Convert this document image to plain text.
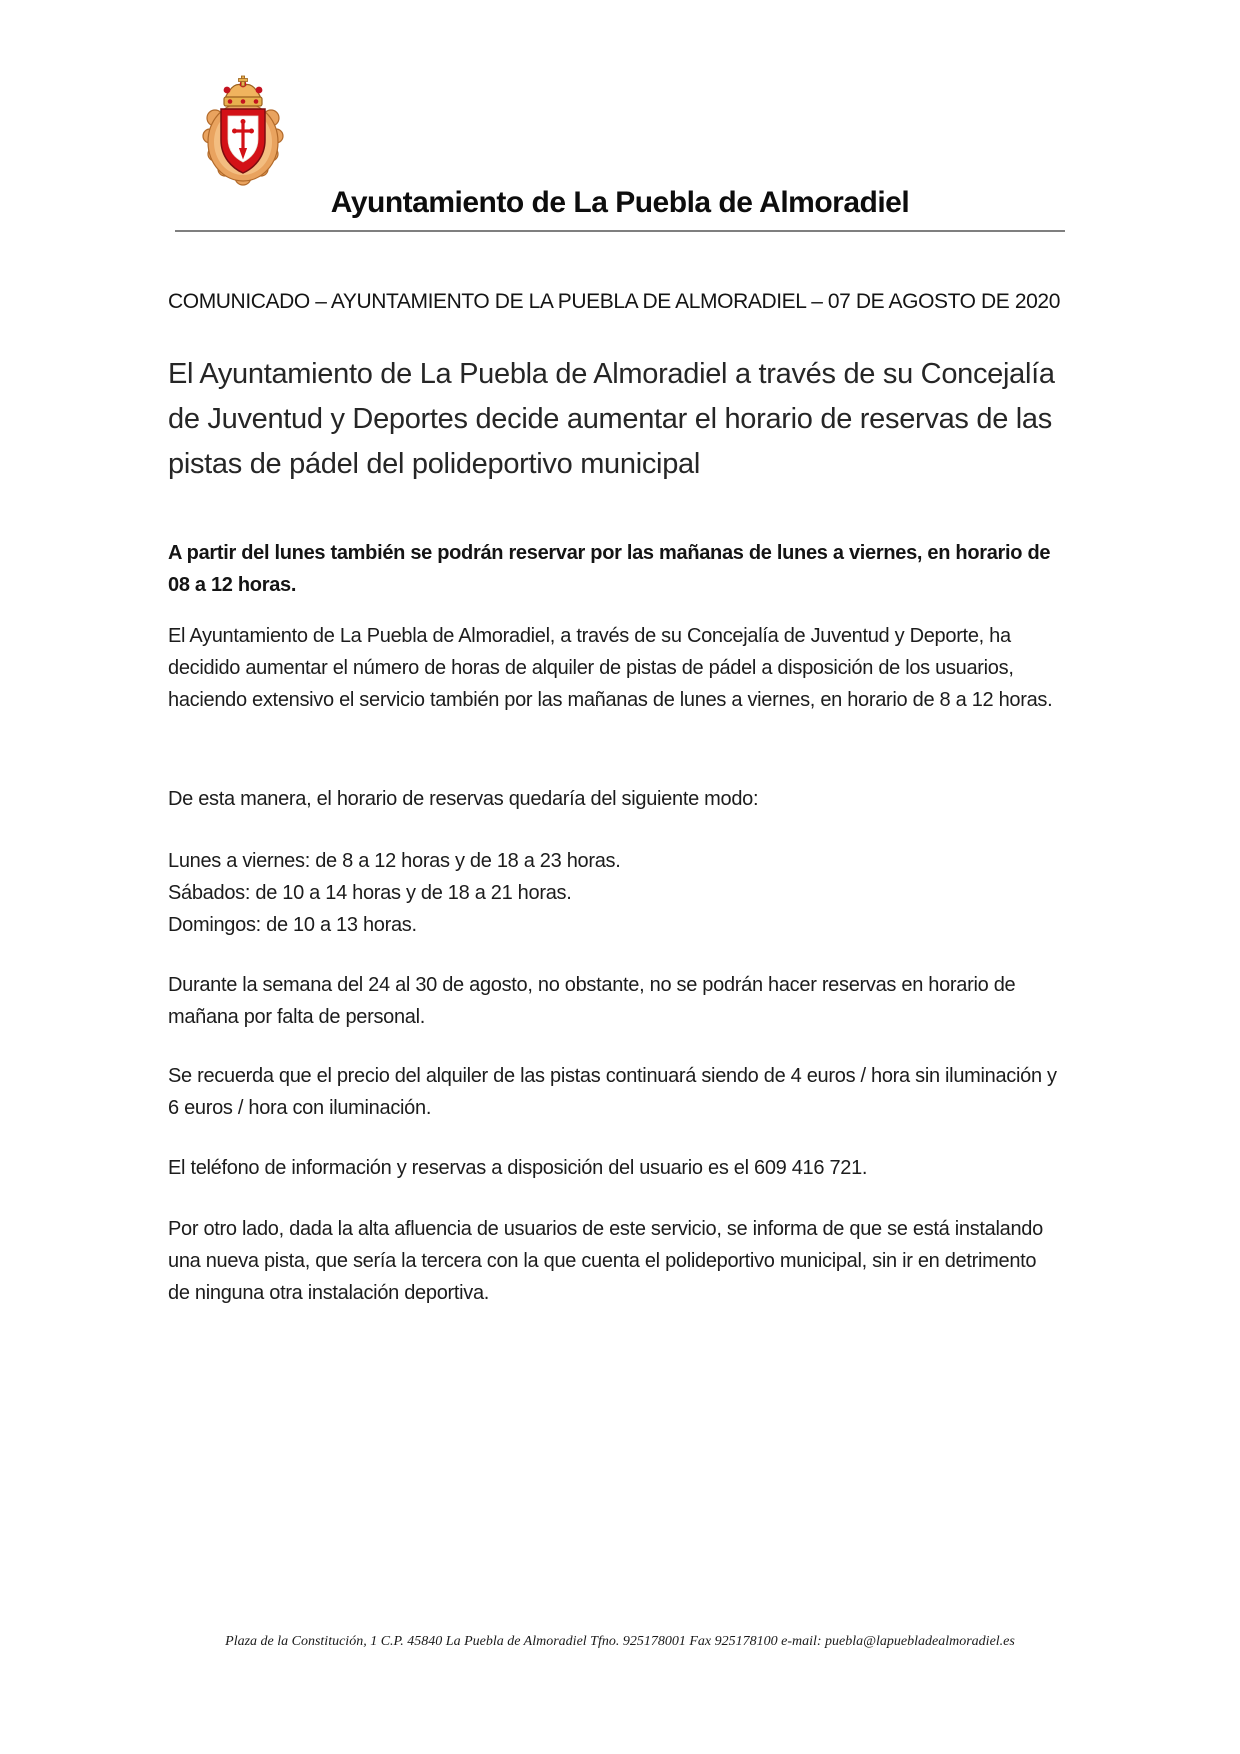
Ayuntamiento de La Puebla de Almoradiel
COMUNICADO – AYUNTAMIENTO DE LA PUEBLA DE ALMORADIEL – 07 DE AGOSTO DE 2020
El Ayuntamiento de La Puebla de Almoradiel a través de su Concejalía de Juventud y Deportes decide aumentar el horario de reservas de las pistas de pádel del polideportivo municipal
A partir del lunes también se podrán reservar por las mañanas de lunes a viernes, en horario de 08 a 12 horas.
El Ayuntamiento de La Puebla de Almoradiel, a través de su Concejalía de Juventud y Deporte, ha decidido aumentar el número de horas de alquiler de pistas de pádel a disposición de los usuarios, haciendo extensivo el servicio también por las mañanas de lunes a viernes, en horario de 8 a 12 horas.
De esta manera, el horario de reservas quedaría del siguiente modo:
Lunes a viernes: de 8 a 12 horas y de 18 a 23 horas.
Sábados: de 10 a 14 horas y de 18 a 21 horas.
Domingos: de 10 a 13 horas.
Durante la semana del 24 al 30 de agosto, no obstante, no se podrán hacer reservas en horario de mañana por falta de personal.
Se recuerda que el precio del alquiler de las pistas continuará siendo de 4 euros / hora sin iluminación y 6 euros / hora con iluminación.
El teléfono de información y reservas a disposición del usuario es el 609 416 721.
Por otro lado, dada la alta afluencia de usuarios de este servicio, se informa de que se está instalando una nueva pista, que sería la tercera con la que cuenta el polideportivo municipal, sin ir en detrimento de ninguna otra instalación deportiva.
Plaza de la Constitución, 1 C.P. 45840 La Puebla de Almoradiel Tfno. 925178001 Fax 925178100 e-mail: puebla@lapuebladealmoradiel.es
